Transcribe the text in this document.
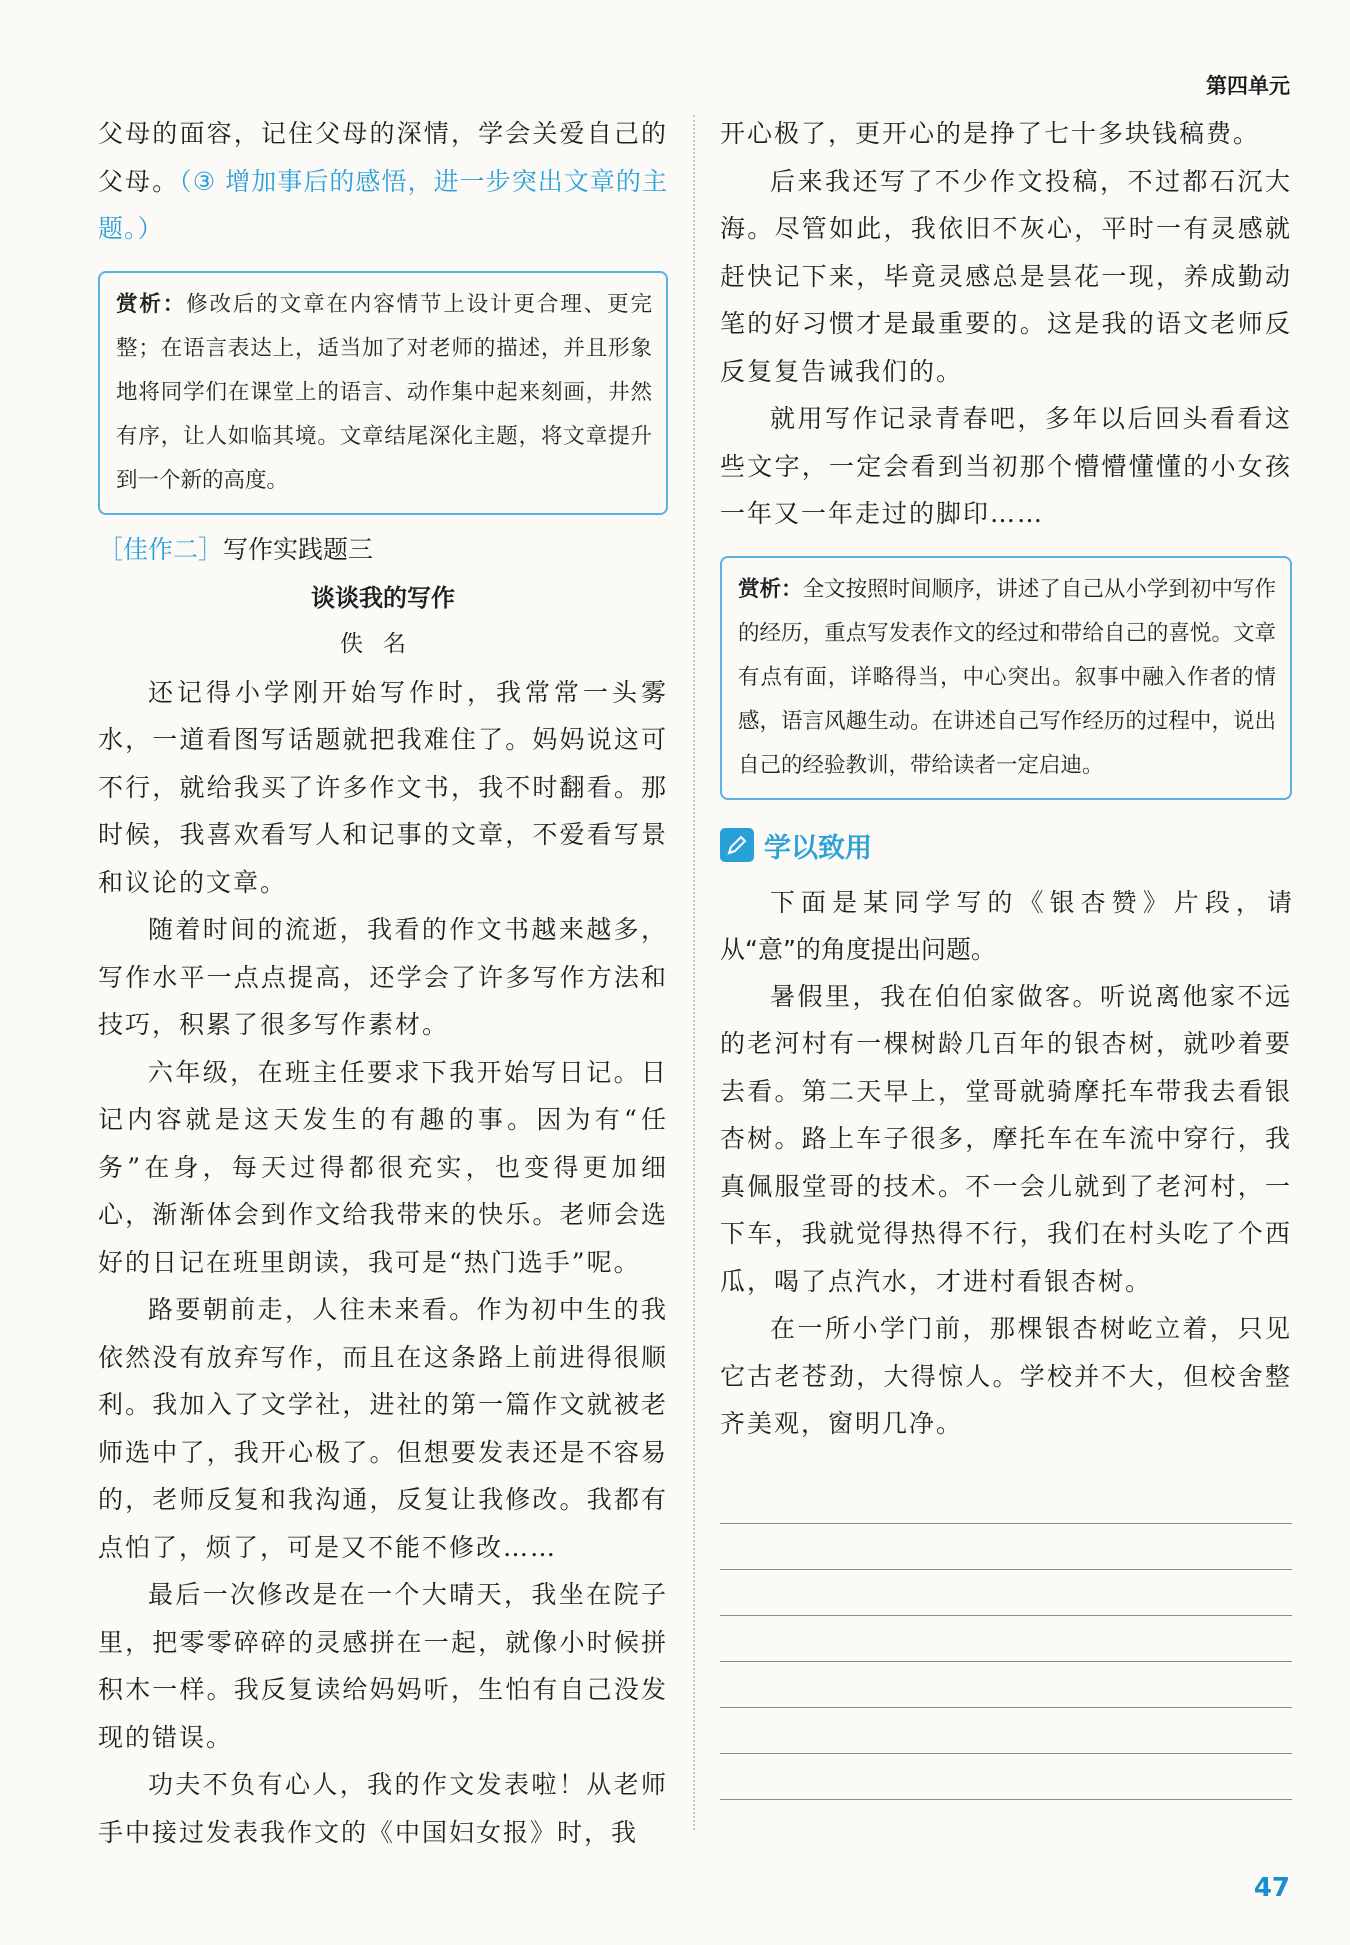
第四单元

父母的面容，记住父母的深情，学会关爱自己的父母。（③ 增加事后的感悟，进一步突出文章的主题。）

赏析：修改后的文章在内容情节上设计更合理、更完整；在语言表达上，适当加了对老师的描述，并且形象地将同学们在课堂上的语言、动作集中起来刻画，井然有序，让人如临其境。文章结尾深化主题，将文章提升到一个新的高度。
［佳作二］写作实践题三

谈谈我的写作

佚名

还记得小学刚开始写作时，我常常一头雾水，一道看图写话题就把我难住了。妈妈说这可不行，就给我买了许多作文书，我不时翻看。那时候，我喜欢看写人和记事的文章，不爱看写景和议论的文章。

随着时间的流逝，我看的作文书越来越多，写作水平一点点提高，还学会了许多写作方法和技巧，积累了很多写作素材。

六年级，在班主任要求下我开始写日记。日记内容就是这天发生的有趣的事。因为有“任务”在身，每天过得都很充实，也变得更加细心，渐渐体会到作文给我带来的快乐。老师会选好的日记在班里朗读，我可是“热门选手”呢。

路要朝前走，人往未来看。作为初中生的我依然没有放弃写作，而且在这条路上前进得很顺利。我加入了文学社，进社的第一篇作文就被老师选中了，我开心极了。但想要发表还是不容易的，老师反复和我沟通，反复让我修改。我都有点怕了，烦了，可是又不能不修改……

最后一次修改是在一个大晴天，我坐在院子里，把零零碎碎的灵感拼在一起，就像小时候拼积木一样。我反复读给妈妈听，生怕有自己没发现的错误。

功夫不负有心人，我的作文发表啦！从老师手中接过发表我作文的《中国妇女报》时，我

开心极了，更开心的是挣了七十多块钱稿费。

后来我还写了不少作文投稿，不过都石沉大海。尽管如此，我依旧不灰心，平时一有灵感就赶快记下来，毕竟灵感总是昙花一现，养成勤动笔的好习惯才是最重要的。这是我的语文老师反反复复告诫我们的。

就用写作记录青春吧，多年以后回头看看这些文字，一定会看到当初那个懵懵懂懂的小女孩一年又一年走过的脚印……

赏析：全文按照时间顺序，讲述了自己从小学到初中写作的经历，重点写发表作文的经过和带给自己的喜悦。文章有点有面，详略得当，中心突出。叙事中融入作者的情感，语言风趣生动。在讲述自己写作经历的过程中，说出自己的经验教训，带给读者一定启迪。
学以致用

下面是某同学写的《银杏赞》片段，请从“意”的角度提出问题。

暑假里，我在伯伯家做客。听说离他家不远的老河村有一棵树龄几百年的银杏树，就吵着要去看。第二天早上，堂哥就骑摩托车带我去看银杏树。路上车子很多，摩托车在车流中穿行，我真佩服堂哥的技术。不一会儿就到了老河村，一下车，我就觉得热得不行，我们在村头吃了个西瓜，喝了点汽水，才进村看银杏树。

在一所小学门前，那棵银杏树屹立着，只见它古老苍劲，大得惊人。学校并不大，但校舍整齐美观，窗明几净。

47
